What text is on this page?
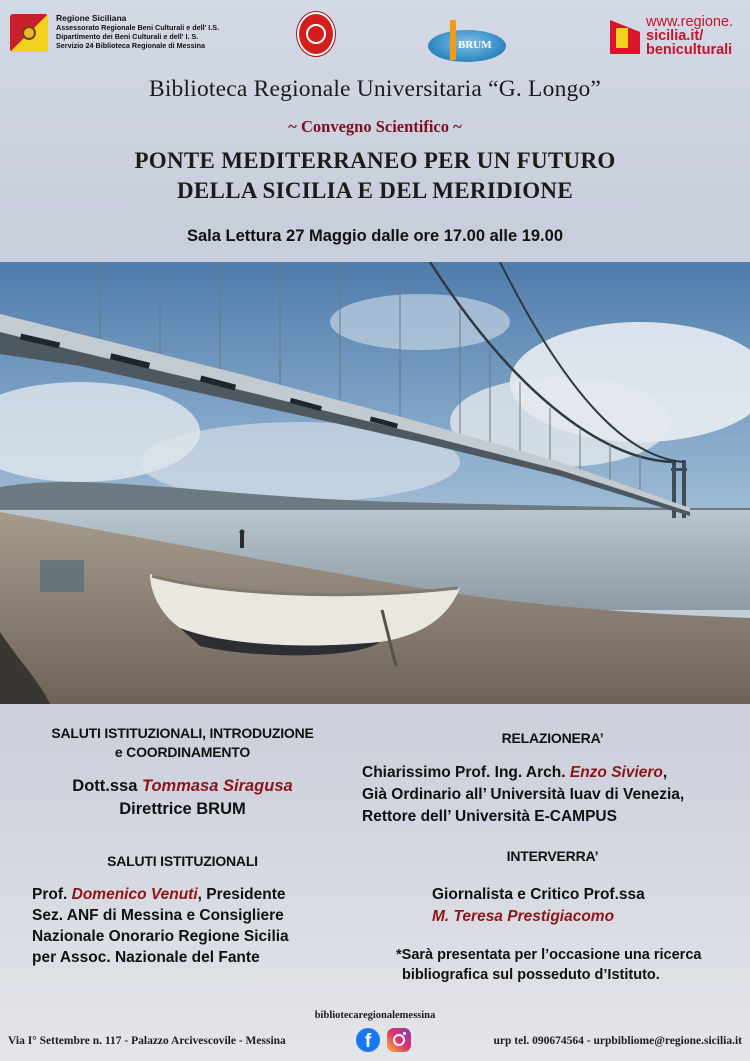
Regione Siciliana
Assessorato Regionale Beni Culturali e dell' I.S.
Dipartimento dei Beni Culturali e dell' I. S.
Servizio 24 Biblioteca Regionale di Messina	BRUM
www.regione.
sicilia.it/
beniculturali
Biblioteca Regionale Universitaria “G. Longo”
~ Convegno Scientifico ~
PONTE MEDITERRANEO PER UN FUTURO
DELLA SICILIA E DEL MERIDIONE
Sala Lettura 27 Maggio dalle ore 17.00 alle 19.00
SALUTI ISTITUZIONALI, INTRODUZIONE
e COORDINAMENTO
Dott.ssa Tommasa Siragusa
Direttrice BRUM
SALUTI ISTITUZIONALI
Prof. Domenico Venuti, Presidente
Sez. ANF di Messina e Consigliere
Nazionale Onorario Regione Sicilia
per Assoc. Nazionale del Fante
RELAZIONERA’
Chiarissimo Prof. Ing. Arch. Enzo Siviero,
Già Ordinario all’ Università Iuav di Venezia,
Rettore dell’ Università E-CAMPUS
INTERVERRA’
Giornalista e Critico Prof.ssa
M. Teresa Prestigiacomo
*Sarà presentata per l’occasione una ricerca
bibliografica sul posseduto d’Istituto.
bibliotecaregionalemessina
Via I° Settembre n. 117 - Palazzo Arcivescovile - Messina	f	urp tel. 090674564 - urpbibliome@regione.sicilia.it
